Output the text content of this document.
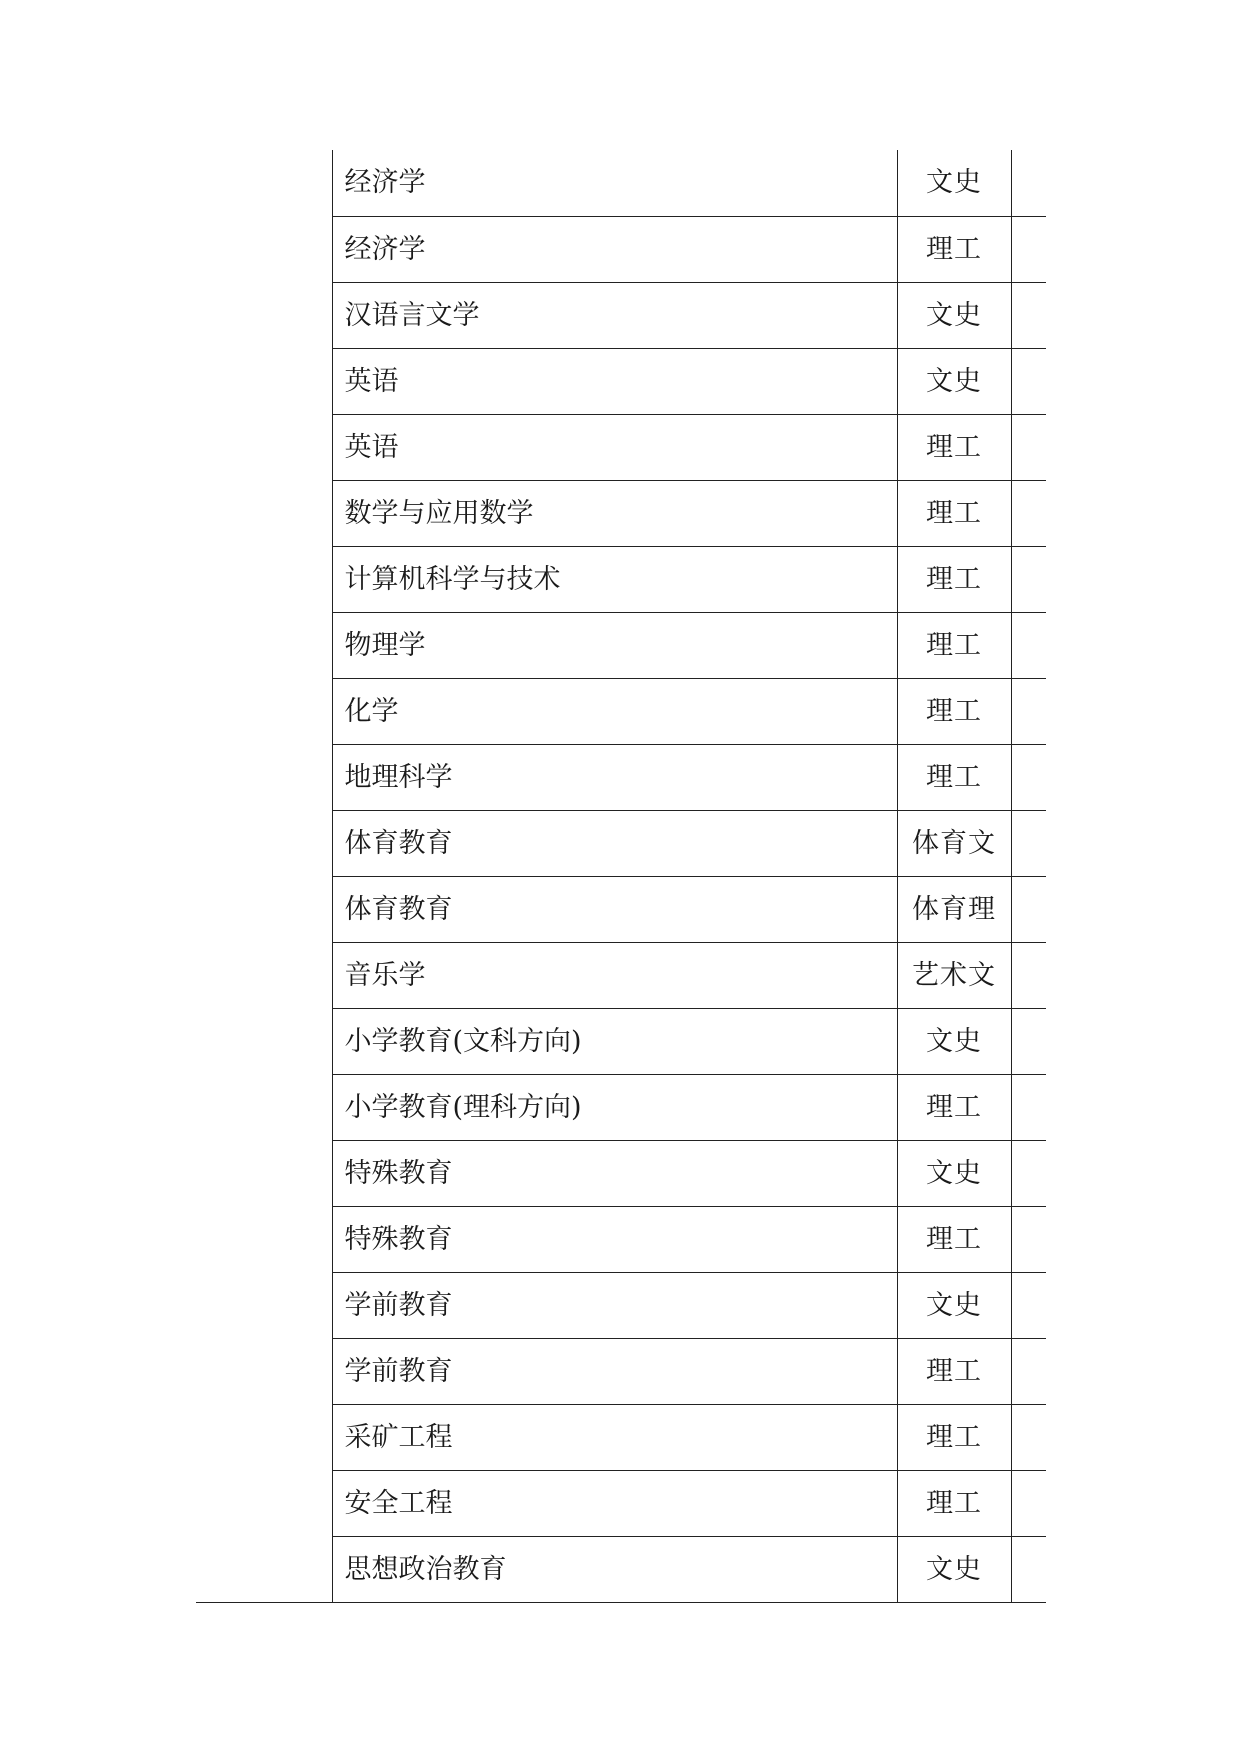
	经济学	文史	
	经济学	理工	
	汉语言文学	文史	
	英语	文史	
	英语	理工	
	数学与应用数学	理工	
	计算机科学与技术	理工	
	物理学	理工	
	化学	理工	
	地理科学	理工	
	体育教育	体育文	
	体育教育	体育理	
	音乐学	艺术文	
	小学教育(文科方向)	文史	
	小学教育(理科方向)	理工	
	特殊教育	文史	
	特殊教育	理工	
	学前教育	文史	
	学前教育	理工	
	采矿工程	理工	
	安全工程	理工	
	思想政治教育	文史	
